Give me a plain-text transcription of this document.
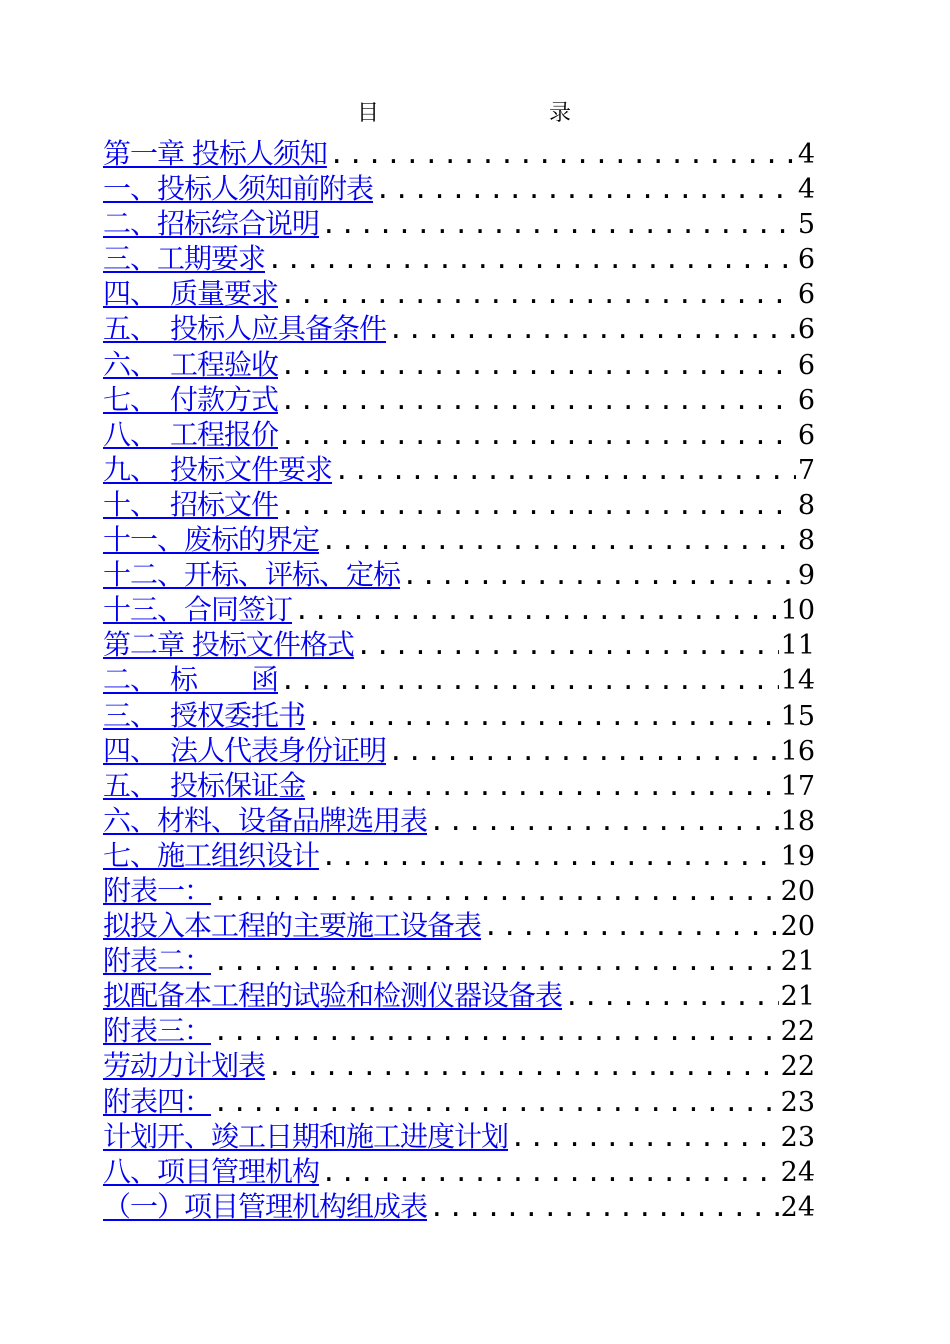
目　　录
第一章 投标人须知 . . .	4
一、投标人须知前附表 . . .	4
二、招标综合说明 . . .	5
三、工期要求 . . .	6
四、　质量要求 . . .	6
五、　投标人应具备条件 . . .	6
六、　工程验收 . . .	6
七、　付款方式 . . .	6
八、　工程报价 . . .	6
九、　投标文件要求 . . .	7
十、　招标文件 . . .	8
十一、废标的界定 . . .	8
十二、开标、评标、定标 . . .	9
十三、合同签订 . . .	10
第二章 投标文件格式 . . .	11
二、　标　　函 . . .	14
三、　授权委托书 . . .	15
四、　法人代表身份证明 . . .	16
五、　投标保证金 . . .	17
六、材料、设备品牌选用表 . . .	18
七、施工组织设计 . . .	19
附表一： . . .	20
拟投入本工程的主要施工设备表 . . .	20
附表二： . . .	21
拟配备本工程的试验和检测仪器设备表 . . .	21
附表三： . . .	22
劳动力计划表 . . .	22
附表四： . . .	23
计划开、竣工日期和施工进度计划 . . .	23
八、项目管理机构 . . .	24
（一）项目管理机构组成表 . . .	24
